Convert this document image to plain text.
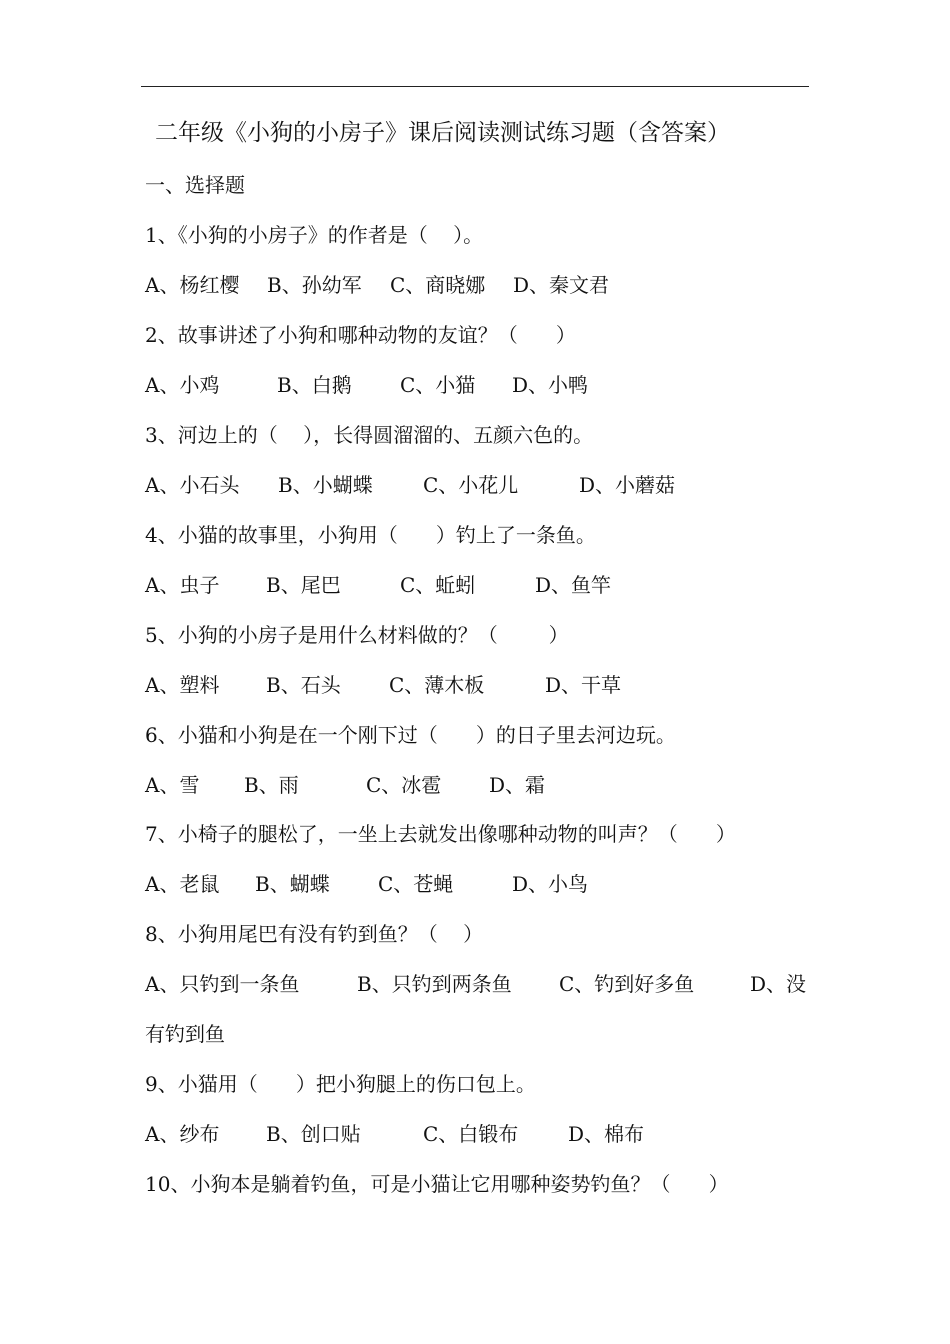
二年级《小狗的小房子》课后阅读测试练习题（含答案）
一、选择题
1、《小狗的小房子》的作者是（    ）。
A、杨红樱 B、孙幼军 C、商晓娜 D、秦文君
2、故事讲述了小狗和哪种动物的友谊？（      ）
A、小鸡	B、白鹅 C、小猫 D、小鸭
3、河边上的（    ），长得圆溜溜的、五颜六色的。
A、小石头 B、小蝴蝶	C、小花儿	D、小蘑菇
4、小猫的故事里，小狗用（      ）钓上了一条鱼。
A、虫子 B、尾巴	C、蚯蚓	D、鱼竿
5、小狗的小房子是用什么材料做的？（        ）
A、塑料 B、石头 C、薄木板	D、干草
6、小猫和小狗是在一个刚下过（      ）的日子里去河边玩。
A、雪 B、雨	C、冰雹 D、霜
7、小椅子的腿松了，一坐上去就发出像哪种动物的叫声？（      ）
A、老鼠 B、蝴蝶 C、苍蝇	D、小鸟
8、小狗用尾巴有没有钓到鱼？（    ）
A、只钓到一条鱼	B、只钓到两条鱼 C、钓到好多鱼	D、没
有钓到鱼
9、小猫用（      ）把小狗腿上的伤口包上。
A、纱布 B、创口贴	C、白锻布 D、棉布
10、小狗本是躺着钓鱼，可是小猫让它用哪种姿势钓鱼？（      ）
